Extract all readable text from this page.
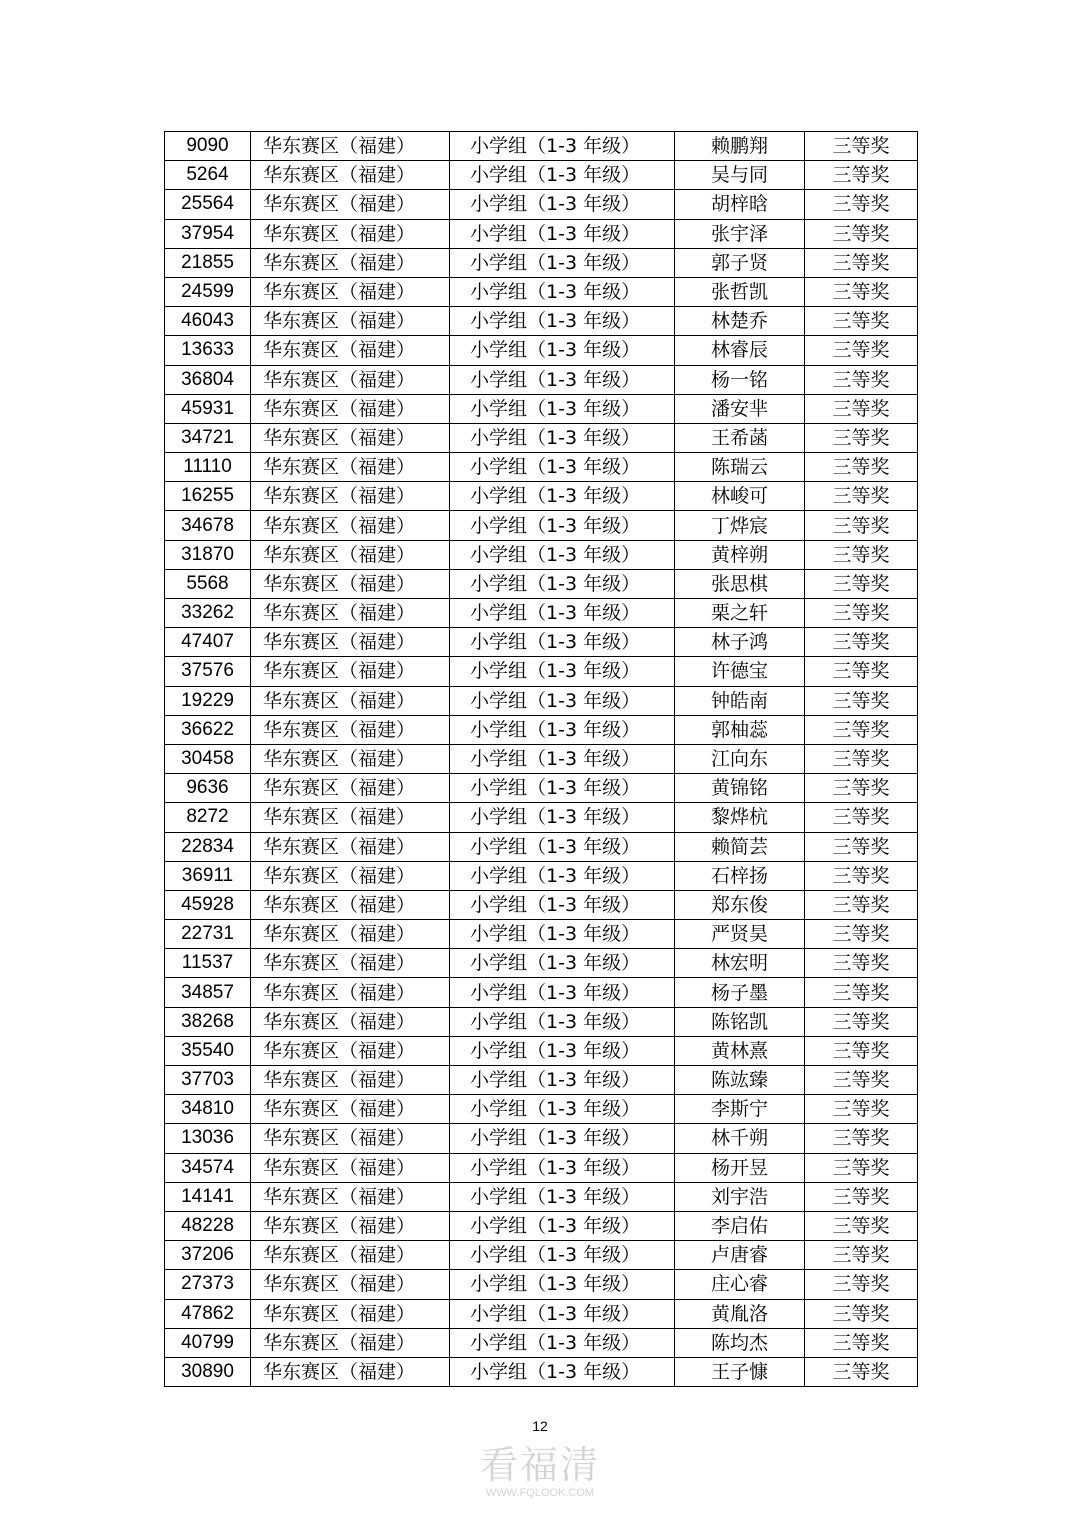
9090	华东赛区（福建）	小学组（1-3 年级）	赖鹏翔	三等奖
5264	华东赛区（福建）	小学组（1-3 年级）	吴与同	三等奖
25564	华东赛区（福建）	小学组（1-3 年级）	胡梓晗	三等奖
37954	华东赛区（福建）	小学组（1-3 年级）	张宇泽	三等奖
21855	华东赛区（福建）	小学组（1-3 年级）	郭子贤	三等奖
24599	华东赛区（福建）	小学组（1-3 年级）	张哲凯	三等奖
46043	华东赛区（福建）	小学组（1-3 年级）	林楚乔	三等奖
13633	华东赛区（福建）	小学组（1-3 年级）	林睿辰	三等奖
36804	华东赛区（福建）	小学组（1-3 年级）	杨一铭	三等奖
45931	华东赛区（福建）	小学组（1-3 年级）	潘安芈	三等奖
34721	华东赛区（福建）	小学组（1-3 年级）	王希菡	三等奖
11110	华东赛区（福建）	小学组（1-3 年级）	陈瑞云	三等奖
16255	华东赛区（福建）	小学组（1-3 年级）	林峻可	三等奖
34678	华东赛区（福建）	小学组（1-3 年级）	丁烨宸	三等奖
31870	华东赛区（福建）	小学组（1-3 年级）	黄梓朔	三等奖
5568	华东赛区（福建）	小学组（1-3 年级）	张思棋	三等奖
33262	华东赛区（福建）	小学组（1-3 年级）	栗之轩	三等奖
47407	华东赛区（福建）	小学组（1-3 年级）	林子鸿	三等奖
37576	华东赛区（福建）	小学组（1-3 年级）	许德宝	三等奖
19229	华东赛区（福建）	小学组（1-3 年级）	钟皓南	三等奖
36622	华东赛区（福建）	小学组（1-3 年级）	郭柚蕊	三等奖
30458	华东赛区（福建）	小学组（1-3 年级）	江向东	三等奖
9636	华东赛区（福建）	小学组（1-3 年级）	黄锦铭	三等奖
8272	华东赛区（福建）	小学组（1-3 年级）	黎烨杭	三等奖
22834	华东赛区（福建）	小学组（1-3 年级）	赖简芸	三等奖
36911	华东赛区（福建）	小学组（1-3 年级）	石梓扬	三等奖
45928	华东赛区（福建）	小学组（1-3 年级）	郑东俊	三等奖
22731	华东赛区（福建）	小学组（1-3 年级）	严贤昊	三等奖
11537	华东赛区（福建）	小学组（1-3 年级）	林宏明	三等奖
34857	华东赛区（福建）	小学组（1-3 年级）	杨子墨	三等奖
38268	华东赛区（福建）	小学组（1-3 年级）	陈铭凯	三等奖
35540	华东赛区（福建）	小学组（1-3 年级）	黄林熹	三等奖
37703	华东赛区（福建）	小学组（1-3 年级）	陈竑臻	三等奖
34810	华东赛区（福建）	小学组（1-3 年级）	李斯宁	三等奖
13036	华东赛区（福建）	小学组（1-3 年级）	林千朔	三等奖
34574	华东赛区（福建）	小学组（1-3 年级）	杨开昱	三等奖
14141	华东赛区（福建）	小学组（1-3 年级）	刘宇浩	三等奖
48228	华东赛区（福建）	小学组（1-3 年级）	李启佑	三等奖
37206	华东赛区（福建）	小学组（1-3 年级）	卢唐睿	三等奖
27373	华东赛区（福建）	小学组（1-3 年级）	庄心睿	三等奖
47862	华东赛区（福建）	小学组（1-3 年级）	黄胤洛	三等奖
40799	华东赛区（福建）	小学组（1-3 年级）	陈均杰	三等奖
30890	华东赛区（福建）	小学组（1-3 年级）	王子慷	三等奖
12
看福清
WWW.FQLOOK.COM
